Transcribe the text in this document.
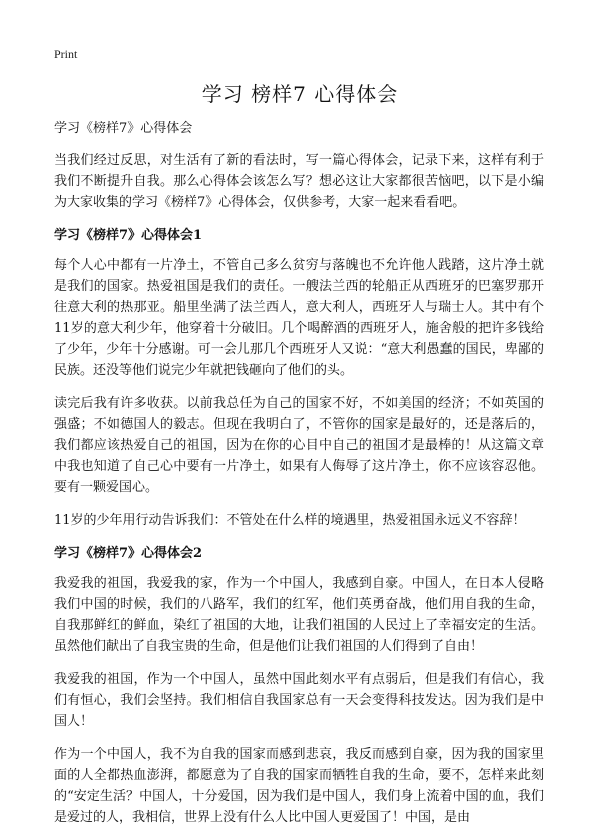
Print
学习 榜样7 心得体会

学习《榜样7》心得体会

当我们经过反思，对生活有了新的看法时，写一篇心得体会，记录下来，这样有利于我们不断提升自我。那么心得体会该怎么写？想必这让大家都很苦恼吧，以下是小编为大家收集的学习《榜样7》心得体会，仅供参考，大家一起来看看吧。

学习《榜样7》心得体会1

每个人心中都有一片净土，不管自己多么贫穷与落魄也不允许他人践踏，这片净土就是我们的国家。热爱祖国是我们的责任。一艘法兰西的轮船正从西班牙的巴塞罗那开往意大利的热那亚。船里坐满了法兰西人，意大利人，西班牙人与瑞士人。其中有个11岁的意大利少年，他穿着十分破旧。几个喝醉酒的西班牙人，施舍般的把许多钱给了少年，少年十分感谢。可一会儿那几个西班牙人又说：“意大利愚蠢的国民，卑鄙的民族。还没等他们说完少年就把钱砸向了他们的头。

读完后我有许多收获。以前我总任为自己的国家不好，不如美国的经济；不如英国的强盛；不如德国人的毅志。但现在我明白了，不管你的国家是最好的，还是落后的，我们都应该热爱自己的祖国，因为在你的心目中自己的祖国才是最棒的！从这篇文章中我也知道了自己心中要有一片净土，如果有人侮辱了这片净土，你不应该容忍他。要有一颗爱国心。

11岁的少年用行动告诉我们：不管处在什么样的境遇里，热爱祖国永远义不容辞！

学习《榜样7》心得体会2

我爱我的祖国，我爱我的家，作为一个中国人，我感到自豪。中国人，在日本人侵略我们中国的时候，我们的八路军，我们的红军，他们英勇奋战，他们用自我的生命，自我那鲜红的鲜血，染红了祖国的大地，让我们祖国的人民过上了幸福安定的生活。虽然他们献出了自我宝贵的生命，但是他们让我们祖国的人们得到了自由！

我爱我的祖国，作为一个中国人，虽然中国此刻水平有点弱后，但是我们有信心，我们有恒心，我们会坚持。我们相信自我国家总有一天会变得科技发达。因为我们是中国人！

作为一个中国人，我不为自我的国家而感到悲哀，我反而感到自豪，因为我的国家里面的人全都热血澎湃，都愿意为了自我的国家而牺牲自我的生命，要不，怎样来此刻的“安定生活？中国人，十分爱国，因为我们是中国人，我们身上流着中国的血，我们是爱过的人，我相信，世界上没有什么人比中国人更爱国了！中国，是由
